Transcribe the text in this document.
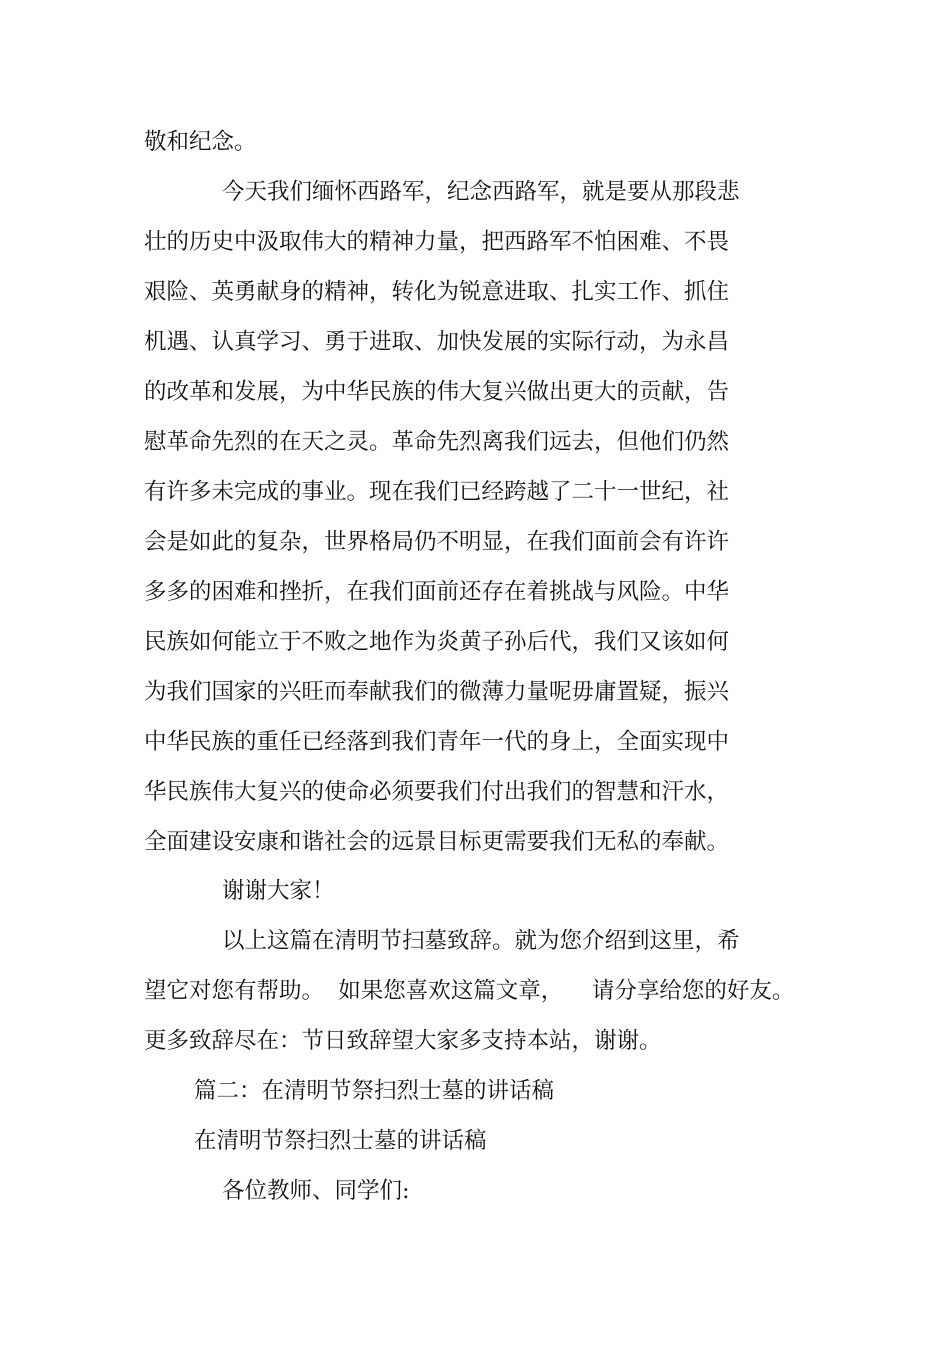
敬和纪念。

今天我们缅怀西路军，纪念西路军，就是要从那段悲

壮的历史中汲取伟大的精神力量，把西路军不怕困难、不畏

艰险、英勇献身的精神，转化为锐意进取、扎实工作、抓住

机遇、认真学习、勇于进取、加快发展的实际行动，为永昌

的改革和发展，为中华民族的伟大复兴做出更大的贡献，告

慰革命先烈的在天之灵。革命先烈离我们远去，但他们仍然

有许多未完成的事业。现在我们已经跨越了二十一世纪，社

会是如此的复杂，世界格局仍不明显，在我们面前会有许许

多多的困难和挫折，在我们面前还存在着挑战与风险。中华

民族如何能立于不败之地作为炎黄子孙后代，我们又该如何

为我们国家的兴旺而奉献我们的微薄力量呢毋庸置疑，振兴

中华民族的重任已经落到我们青年一代的身上，全面实现中

华民族伟大复兴的使命必须要我们付出我们的智慧和汗水，

全面建设安康和谐社会的远景目标更需要我们无私的奉献。

谢谢大家！

以上这篇在清明节扫墓致辞。就为您介绍到这里，希

望它对您有帮助。  如果您喜欢这篇文章，    请分享给您的好友。

更多致辞尽在：节日致辞望大家多支持本站，谢谢。

篇二：在清明节祭扫烈士墓的讲话稿

在清明节祭扫烈士墓的讲话稿

各位教师、同学们:
